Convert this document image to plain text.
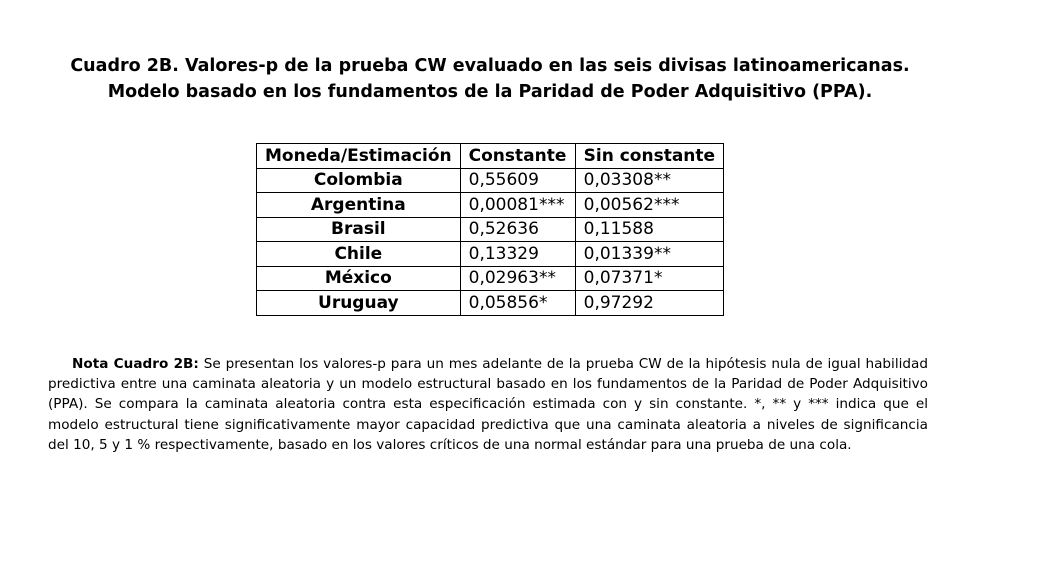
Cuadro 2B. Valores-p de la prueba CW evaluado en las seis divisas latinoamericanas.
Modelo basado en los fundamentos de la Paridad de Poder Adquisitivo (PPA).
Moneda/Estimación	Constante	Sin constante
Colombia	0,55609	0,03308**
Argentina	0,00081***	0,00562***
Brasil	0,52636	0,11588
Chile	0,13329	0,01339**
México	0,02963**	0,07371*
Uruguay	0,05856*	0,97292
Nota Cuadro 2B: Se presentan los valores-p para un mes adelante de la prueba CW de la hipótesis nula de igual habilidad predictiva entre una caminata aleatoria y un modelo estructural basado en los fundamentos de la Paridad de Poder Adquisitivo (PPA). Se compara la caminata aleatoria contra esta especificación estimada con y sin constante. *, ** y *** indica que el modelo estructural tiene significativamente mayor capacidad predictiva que una caminata aleatoria a niveles de significancia del 10, 5 y 1 % respectivamente, basado en los valores críticos de una normal estándar para una prueba de una cola.
